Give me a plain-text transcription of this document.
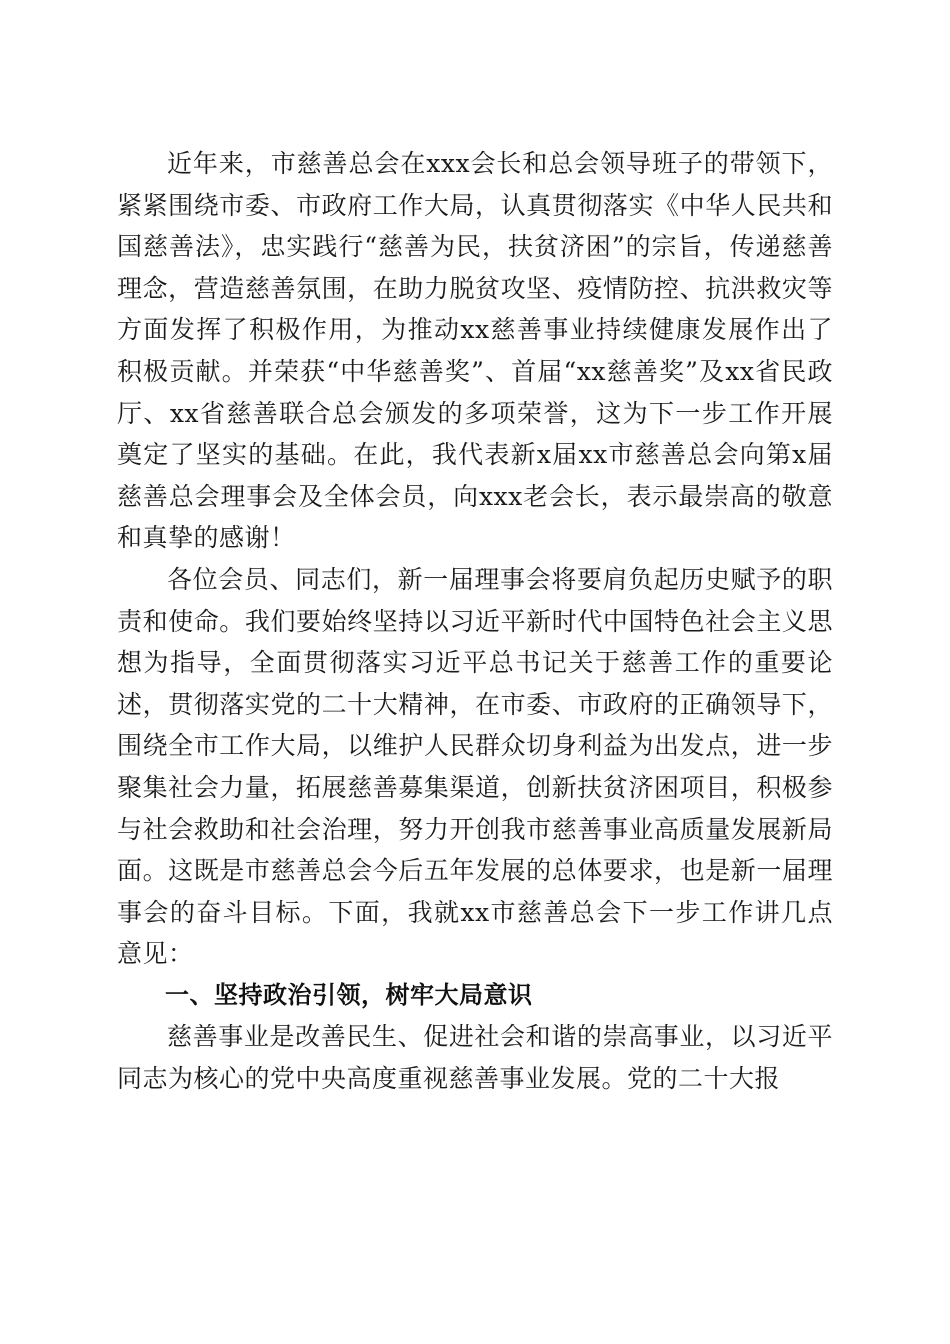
近年来，市慈善总会在xxx会长和总会领导班子的带领下，紧紧围绕市委、市政府工作大局，认真贯彻落实《中华人民共和国慈善法》，忠实践行“慈善为民，扶贫济困”的宗旨，传递慈善理念，营造慈善氛围，在助力脱贫攻坚、疫情防控、抗洪救灾等方面发挥了积极作用，为推动xx慈善事业持续健康发展作出了积极贡献。并荣获“中华慈善奖”、首届“xx慈善奖”及xx省民政厅、xx省慈善联合总会颁发的多项荣誉，这为下一步工作开展奠定了坚实的基础。在此，我代表新x届xx市慈善总会向第x届慈善总会理事会及全体会员，向xxx老会长，表示最崇高的敬意和真挚的感谢！

各位会员、同志们，新一届理事会将要肩负起历史赋予的职责和使命。我们要始终坚持以习近平新时代中国特色社会主义思想为指导，全面贯彻落实习近平总书记关于慈善工作的重要论述，贯彻落实党的二十大精神，在市委、市政府的正确领导下，围绕全市工作大局，以维护人民群众切身利益为出发点，进一步聚集社会力量，拓展慈善募集渠道，创新扶贫济困项目，积极参与社会救助和社会治理，努力开创我市慈善事业高质量发展新局面。这既是市慈善总会今后五年发展的总体要求，也是新一届理事会的奋斗目标。下面，我就xx市慈善总会下一步工作讲几点意见：

一、坚持政治引领，树牢大局意识

慈善事业是改善民生、促进社会和谐的崇高事业，以习近平同志为核心的党中央高度重视慈善事业发展。党的二十大报
